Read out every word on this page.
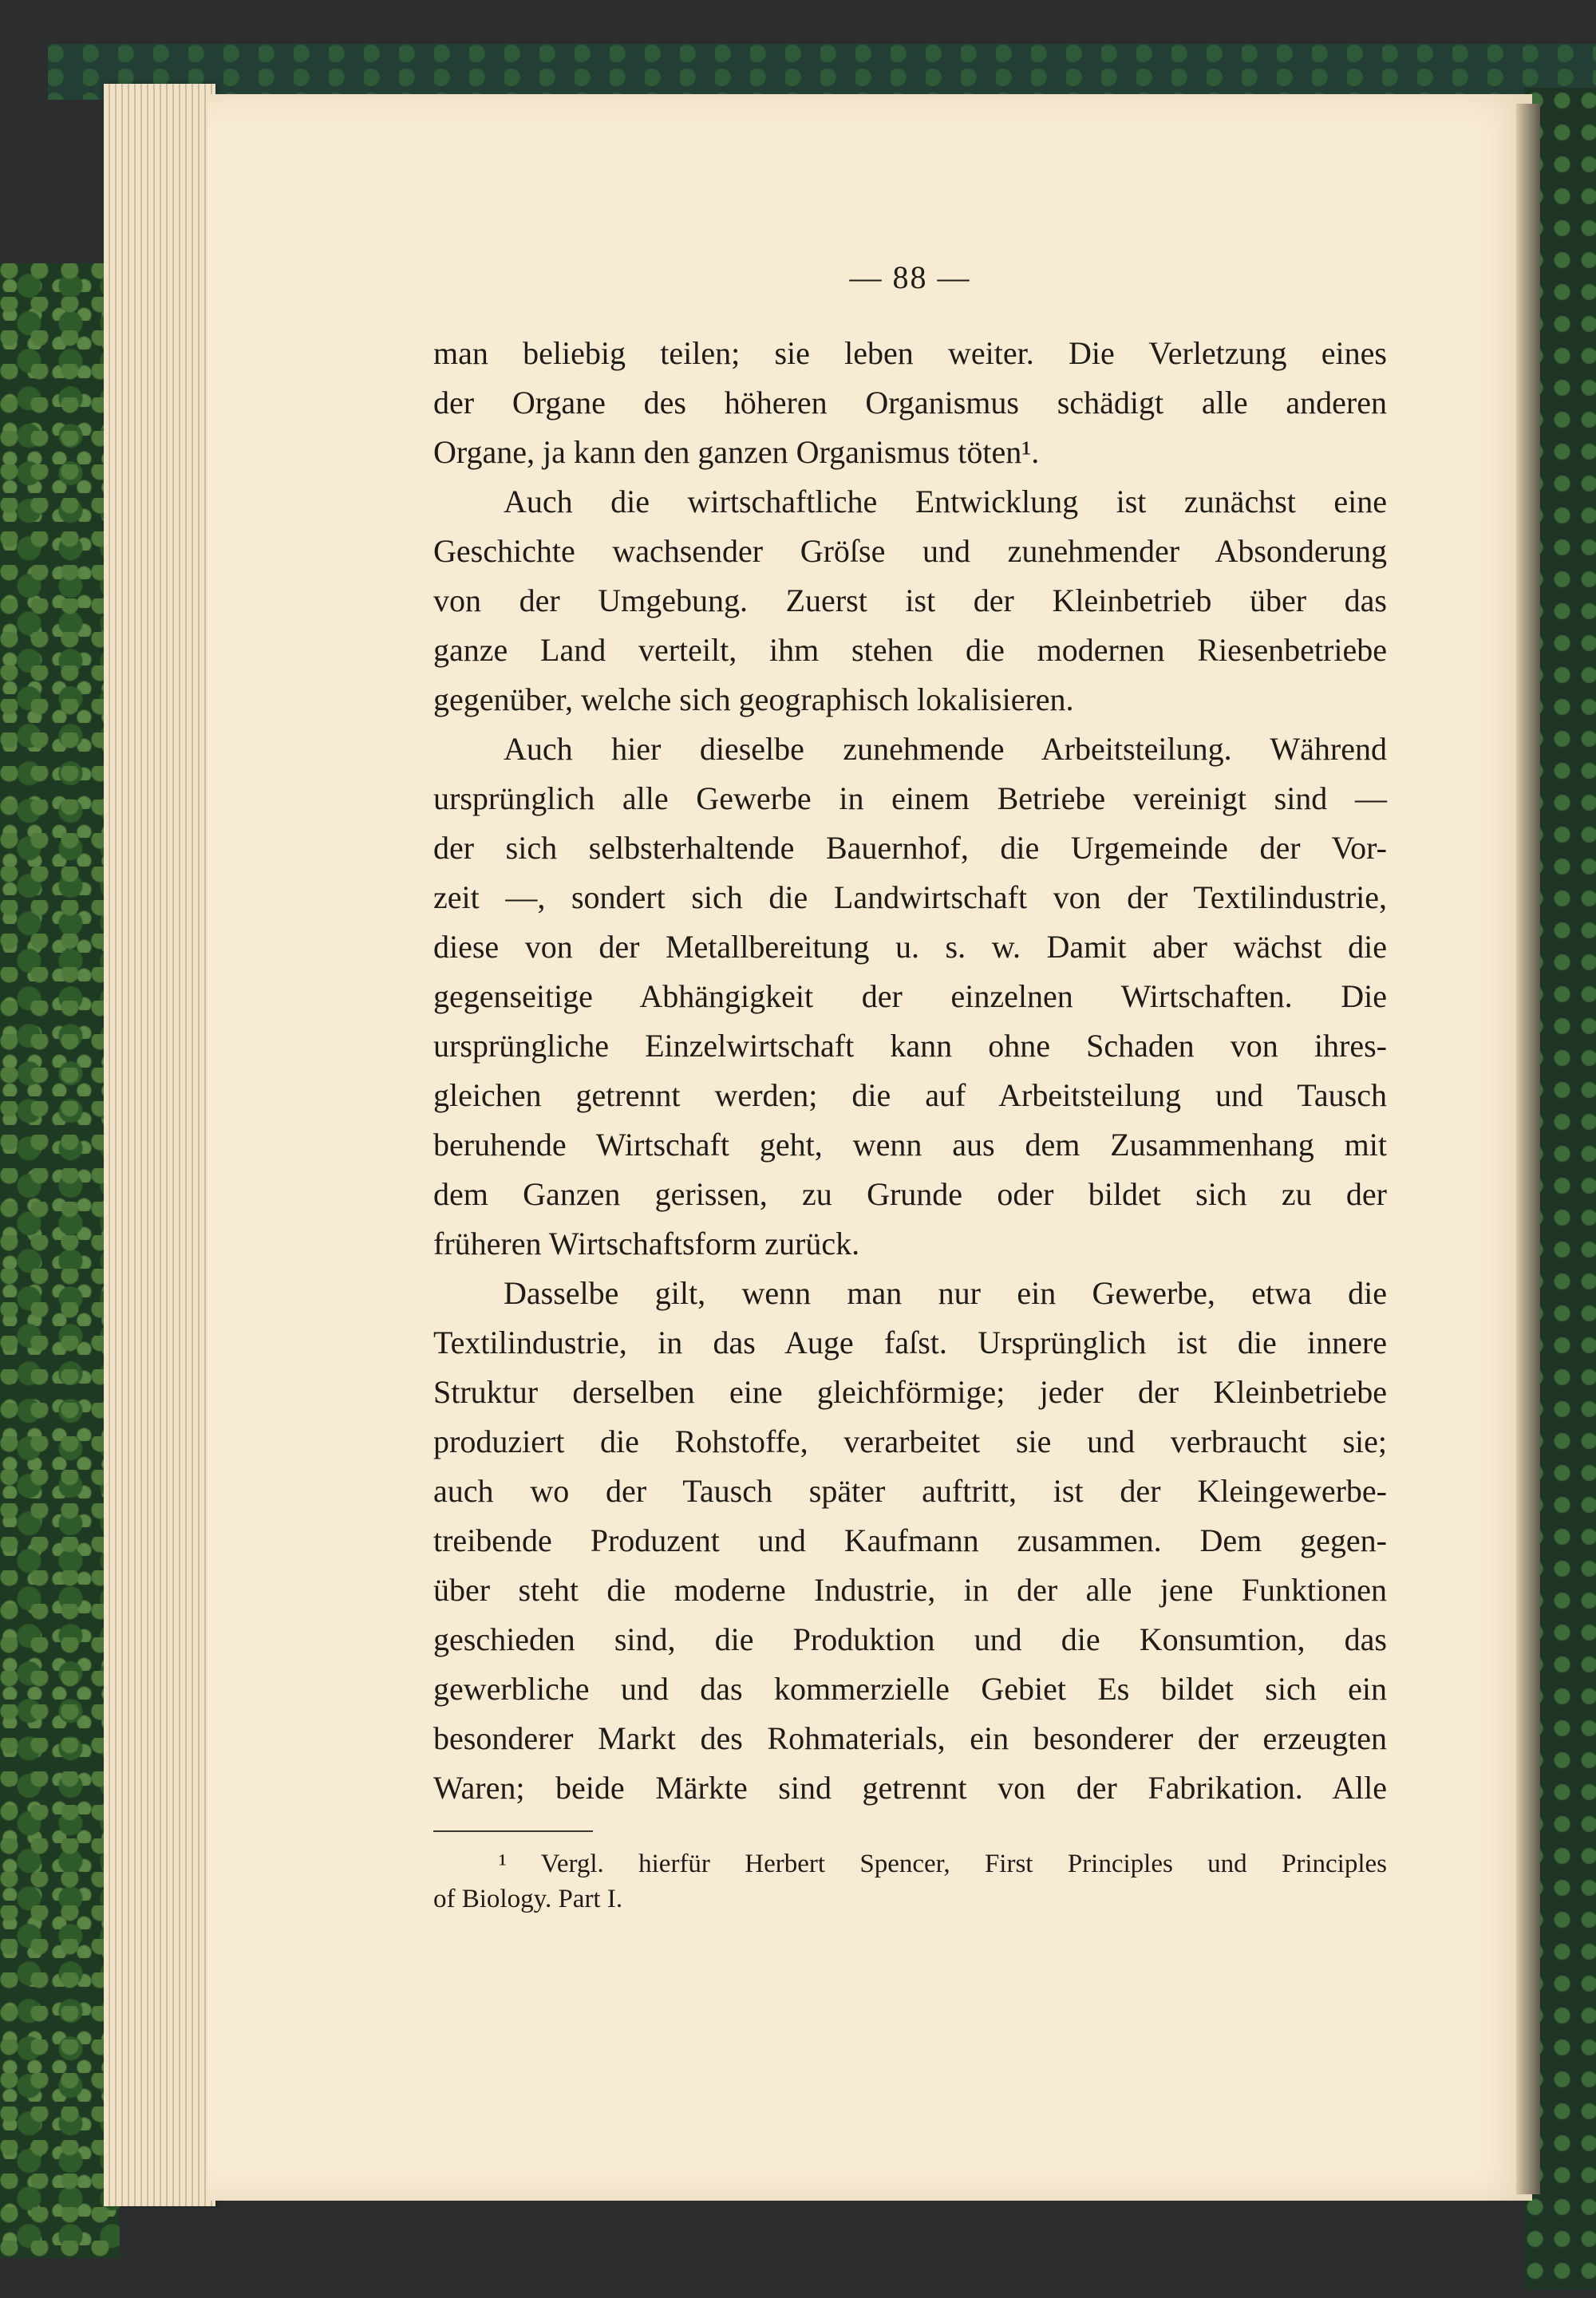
— 88 —
man beliebig teilen; sie leben weiter. Die Verletzung eines
der Organe des höheren Organismus schädigt alle anderen
Organe, ja kann den ganzen Organismus töten¹.
Auch die wirtschaftliche Entwicklung ist zunächst eine
Geschichte wachsender Gröſse und zunehmender Absonderung
von der Umgebung. Zuerst ist der Kleinbetrieb über das
ganze Land verteilt, ihm stehen die modernen Riesenbetriebe
gegenüber, welche sich geographisch lokalisieren.
Auch hier dieselbe zunehmende Arbeitsteilung. Während
ursprünglich alle Gewerbe in einem Betriebe vereinigt sind —
der sich selbsterhaltende Bauernhof, die Urgemeinde der Vor-
zeit —, sondert sich die Landwirtschaft von der Textilindustrie,
diese von der Metallbereitung u. s. w. Damit aber wächst die
gegenseitige Abhängigkeit der einzelnen Wirtschaften. Die
ursprüngliche Einzelwirtschaft kann ohne Schaden von ihres-
gleichen getrennt werden; die auf Arbeitsteilung und Tausch
beruhende Wirtschaft geht, wenn aus dem Zusammenhang mit
dem Ganzen gerissen, zu Grunde oder bildet sich zu der
früheren Wirtschaftsform zurück.
Dasselbe gilt, wenn man nur ein Gewerbe, etwa die
Textilindustrie, in das Auge faſst. Ursprünglich ist die innere
Struktur derselben eine gleichförmige; jeder der Kleinbetriebe
produziert die Rohstoffe, verarbeitet sie und verbraucht sie;
auch wo der Tausch später auftritt, ist der Kleingewerbe-
treibende Produzent und Kaufmann zusammen. Dem gegen-
über steht die moderne Industrie, in der alle jene Funktionen
geschieden sind, die Produktion und die Konsumtion, das
gewerbliche und das kommerzielle Gebiet Es bildet sich ein
besonderer Markt des Rohmaterials, ein besonderer der erzeugten
Waren; beide Märkte sind getrennt von der Fabrikation. Alle
¹ Vergl. hierfür Herbert Spencer, First Principles und Principles
of Biology. Part I.
